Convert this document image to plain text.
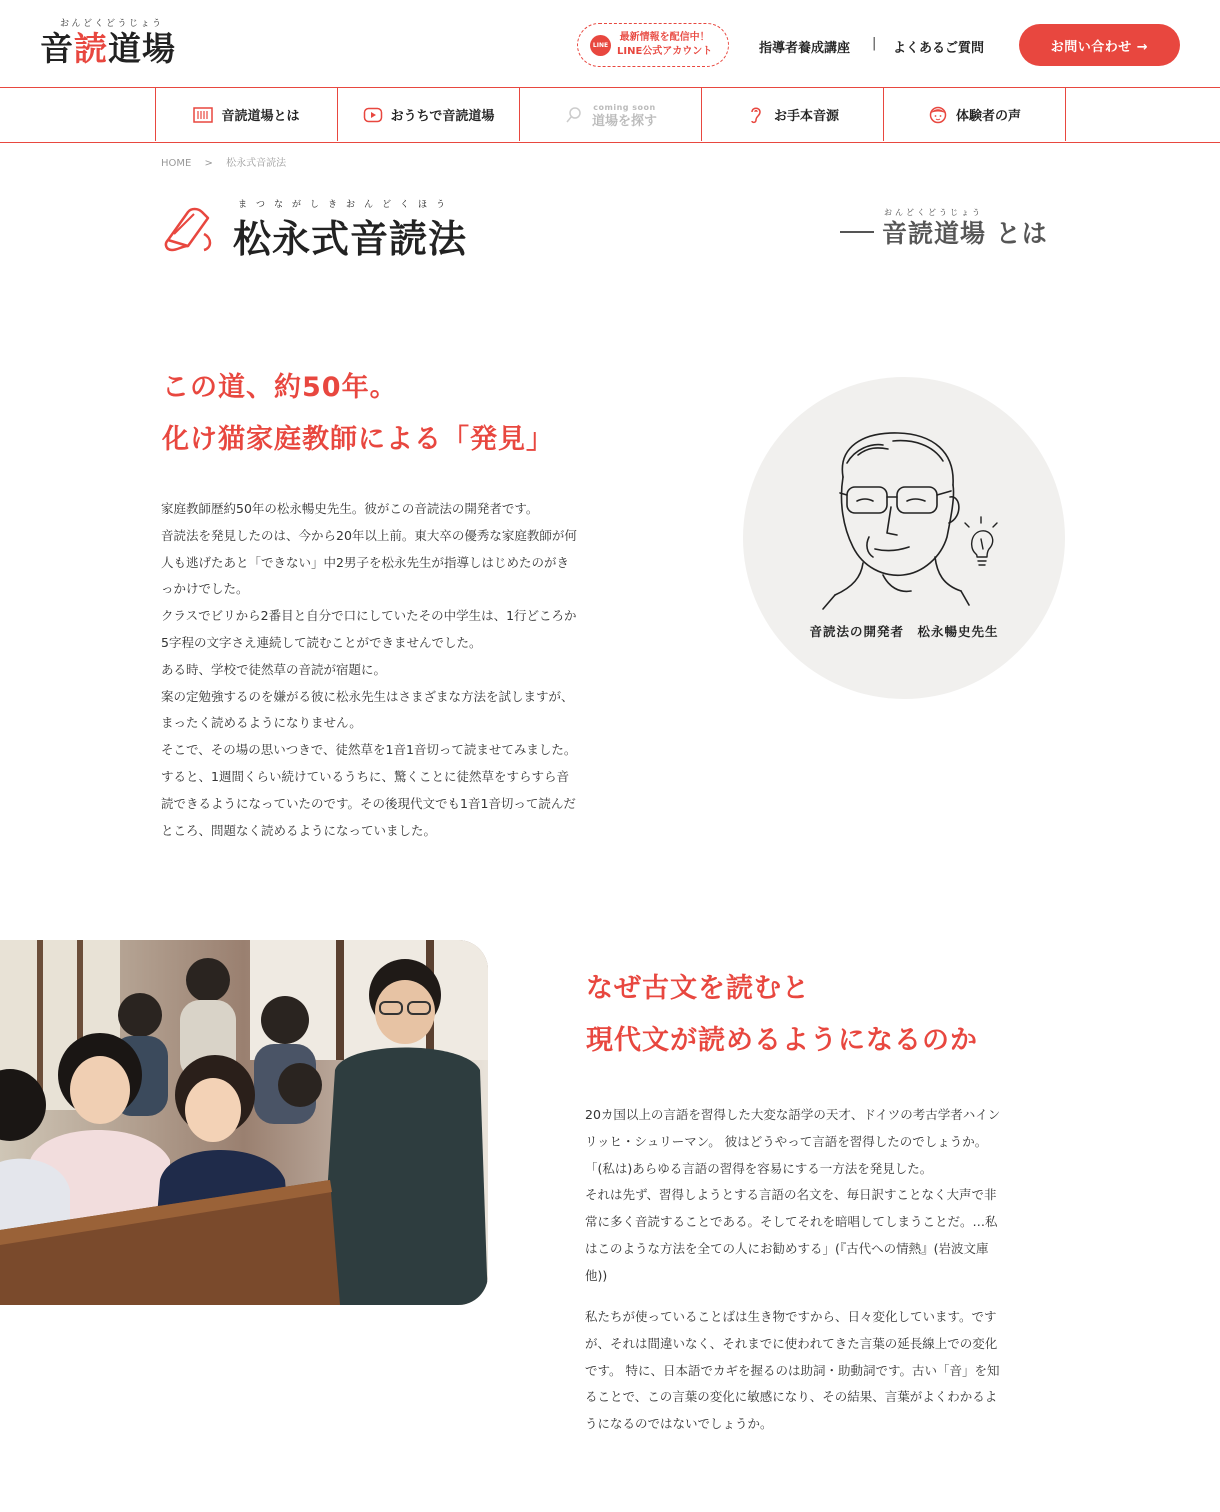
おんどくどうじょう
音読道場	LINE
最新情報を配信中！
LINE公式アカウント	指導者養成講座 | よくあるご質問	お問い合わせ →
音読道場とは	おうちで音読道場
coming soon
道場を探す	お手本音源	体験者の声
HOME > 松永式音読法
まつながしきおんどくほう
松永式音読法
おんどくどうじょう
音読道場 とは
この道、約50年。
化け猫家庭教師による「発見」

家庭教師歴約50年の松永暢史先生。彼がこの音読法の開発者です。

音読法を発見したのは、今から20年以上前。東大卒の優秀な家庭教師が何

人も逃げたあと「できない」中2男子を松永先生が指導しはじめたのがき

っかけでした。

クラスでビリから2番目と自分で口にしていたその中学生は、1行どころか

5字程の文字さえ連続して読むことができませんでした。

ある時、学校で徒然草の音読が宿題に。

案の定勉強するのを嫌がる彼に松永先生はさまざまな方法を試しますが、

まったく読めるようになりません。

そこで、その場の思いつきで、徒然草を1音1音切って読ませてみました。

すると、1週間くらい続けているうちに、驚くことに徒然草をすらすら音

読できるようになっていたのです。その後現代文でも1音1音切って読んだ

ところ、問題なく読めるようになっていました。

音読法の開発者　松永暢史先生
なぜ古文を読むと
現代文が読めるようになるのか

20カ国以上の言語を習得した大変な語学の天才、ドイツの考古学者ハイン

リッヒ・シュリーマン。 彼はどうやって言語を習得したのでしょうか。

「(私は)あらゆる言語の習得を容易にする一方法を発見した。

それは先ず、習得しようとする言語の名文を、毎日訳すことなく大声で非

常に多く音読することである。そしてそれを暗唱してしまうことだ。…私

はこのような方法を全ての人にお勧めする」(『古代への情熱』(岩波文庫

他))

私たちが使っていることばは生き物ですから、日々変化しています。です

が、それは間違いなく、それまでに使われてきた言葉の延長線上での変化

です。 特に、日本語でカギを握るのは助詞・助動詞です。古い「音」を知

ることで、この言葉の変化に敏感になり、その結果、言葉がよくわかるよ

うになるのではないでしょうか。
